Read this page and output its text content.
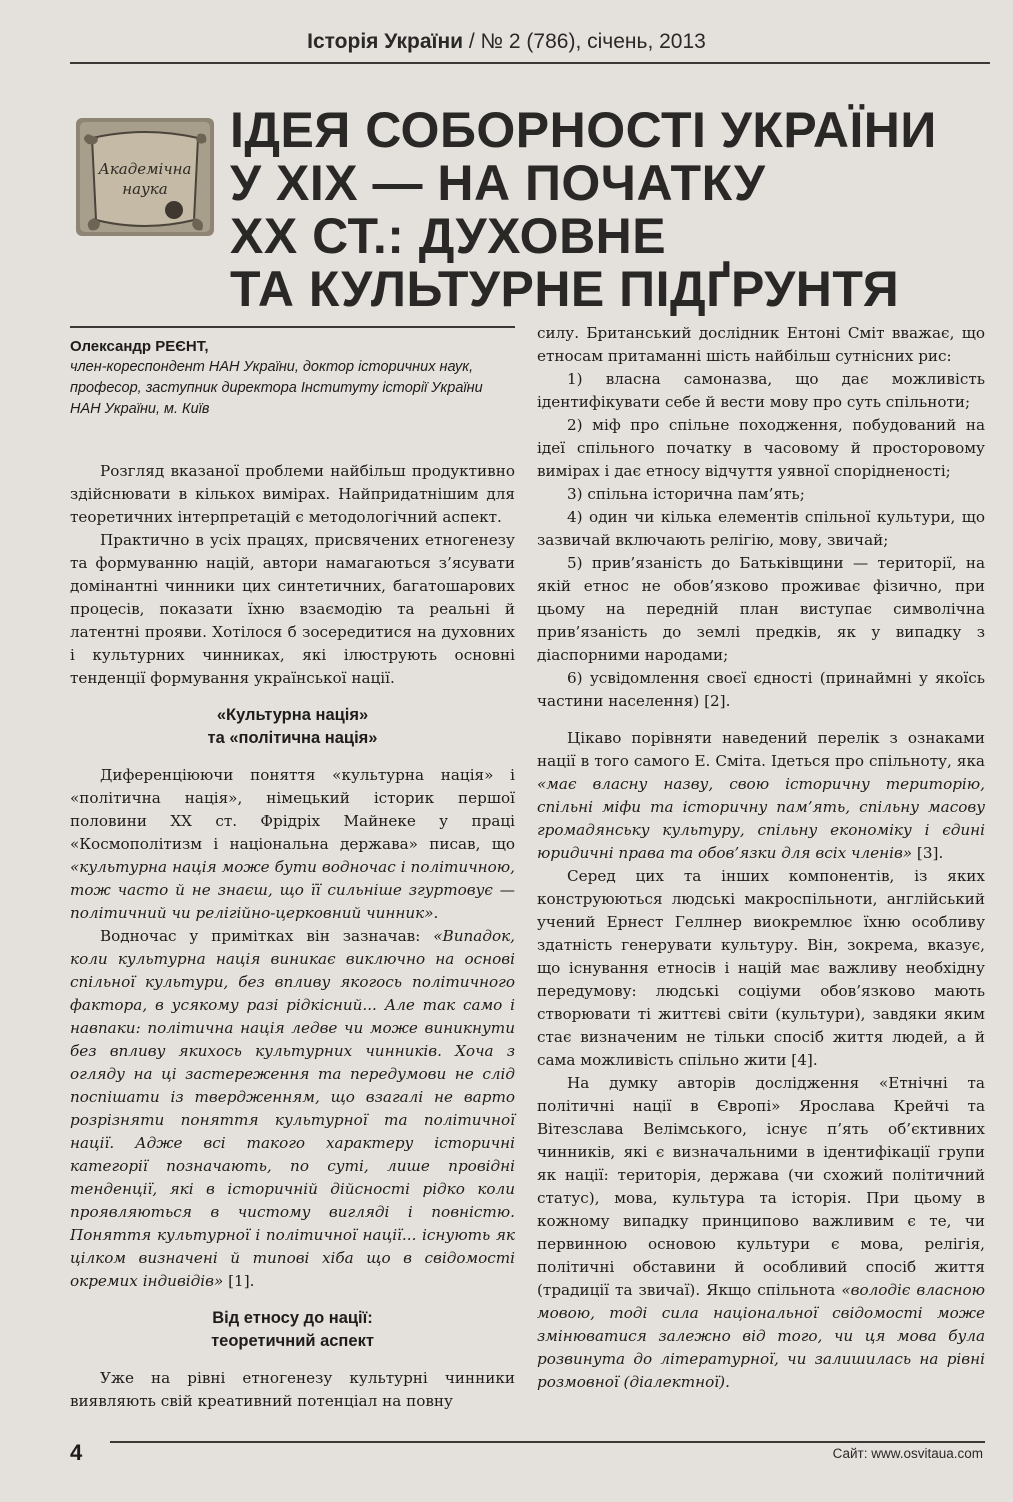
Історія України / № 2 (786), січень, 2013
Академічна
наука
ІДЕЯ СОБОРНОСТІ УКРАЇНИ
У ХІХ — НА ПОЧАТКУ
ХХ СТ.: ДУХОВНЕ
ТА КУЛЬТУРНЕ ПІДҐРУНТЯ
Олександр РЕЄНТ,
член-кореспондент НАН України, доктор історичних наук, професор, заступник директора Інституту історії України НАН України, м. Київ

Розгляд вказаної проблеми найбільш продуктивно здійснювати в кількох вимірах. Найпридатнішим для теоретичних інтерпретацій є методологічний аспект.

Практично в усіх працях, присвячених етногенезу та формуванню націй, автори намагаються з’ясувати домінантні чинники цих синтетичних, багатошарових процесів, показати їхню взаємодію та реальні й латентні прояви. Хотілося б зосередитися на духовних і культурних чинниках, які ілюструють основні тенденції формування української нації.

«Культурна нація»
та «політична нація»

Диференціюючи поняття «культурна нація» і «політична нація», німецький історик першої половини ХХ ст. Фрідріх Майнеке у праці «Космополітизм і національна держава» писав, що «культурна нація може бути водночас і політичною, тож часто й не знаєш, що її сильніше згуртовує — політичний чи релігійно-церковний чинник».

Водночас у примітках він зазначав: «Випадок, коли культурна нація виникає виключно на основі спільної культури, без впливу якогось політичного фактора, в усякому разі рідкісний... Але так само і навпаки: політична нація ледве чи може виникнути без впливу якихось культурних чинників. Хоча з огляду на ці застереження та передумови не слід поспішати із твердженням, що взагалі не варто розрізняти поняття культурної та політичної нації. Адже всі такого характеру історичні категорії позначають, по суті, лише провідні тенденції, які в історичній дійсності рідко коли проявляються в чистому вигляді і повністю. Поняття культурної і політичної нації... існують як цілком визначені й типові хіба що в свідомості окремих індивідів» [1].

Від етносу до нації:
теоретичний аспект

Уже на рівні етногенезу культурні чинники виявляють свій креативний потенціал на повну

силу. Британський дослідник Ентоні Сміт вважає, що етносам притаманні шість найбільш сутнісних рис:

1) власна самоназва, що дає можливість ідентифікувати себе й вести мову про суть спільноти;

2) міф про спільне походження, побудований на ідеї спільного початку в часовому й просторовому вимірах і дає етносу відчуття уявної спорідненості;

3) спільна історична пам’ять;

4) один чи кілька елементів спільної культури, що зазвичай включають релігію, мову, звичай;

5) прив’язаність до Батьківщини — території, на якій етнос не обов’язково проживає фізично, при цьому на передній план виступає символічна прив’язаність до землі предків, як у випадку з діаспорними народами;

6) усвідомлення своєї єдності (принаймні у якоїсь частини населення) [2].

Цікаво порівняти наведений перелік з ознаками нації в того самого Е. Сміта. Ідеться про спільноту, яка «має власну назву, свою історичну територію, спільні міфи та історичну пам’ять, спільну масову громадянську культуру, спільну економіку і єдині юридичні права та обов’язки для всіх членів» [3].

Серед цих та інших компонентів, із яких конструюються людські макроспільноти, англійський учений Ернест Геллнер виокремлює їхню особливу здатність генерувати культуру. Він, зокрема, вказує, що існування етносів і націй має важливу необхідну передумову: людські соціуми обов’язково мають створювати ті життєві світи (культури), завдяки яким стає визначеним не тільки спосіб життя людей, а й сама можливість спільно жити [4].

На думку авторів дослідження «Етнічні та політичні нації в Європі» Ярослава Крейчі та Вітезслава Велімського, існує п’ять об’єктивних чинників, які є визначальними в ідентифікації групи як нації: територія, держава (чи схожий політичний статус), мова, культура та історія. При цьому в кожному випадку принципово важливим є те, чи первинною основою культури є мова, релігія, політичні обставини й особливий спосіб життя (традиції та звичаї). Якщо спільнота «володіє власною мовою, тоді сила національної свідомості може змінюватися залежно від того, чи ця мова була розвинута до літературної, чи залишилась на рівні розмовної (діалектної).

4	Сайт: www.osvitaua.com
